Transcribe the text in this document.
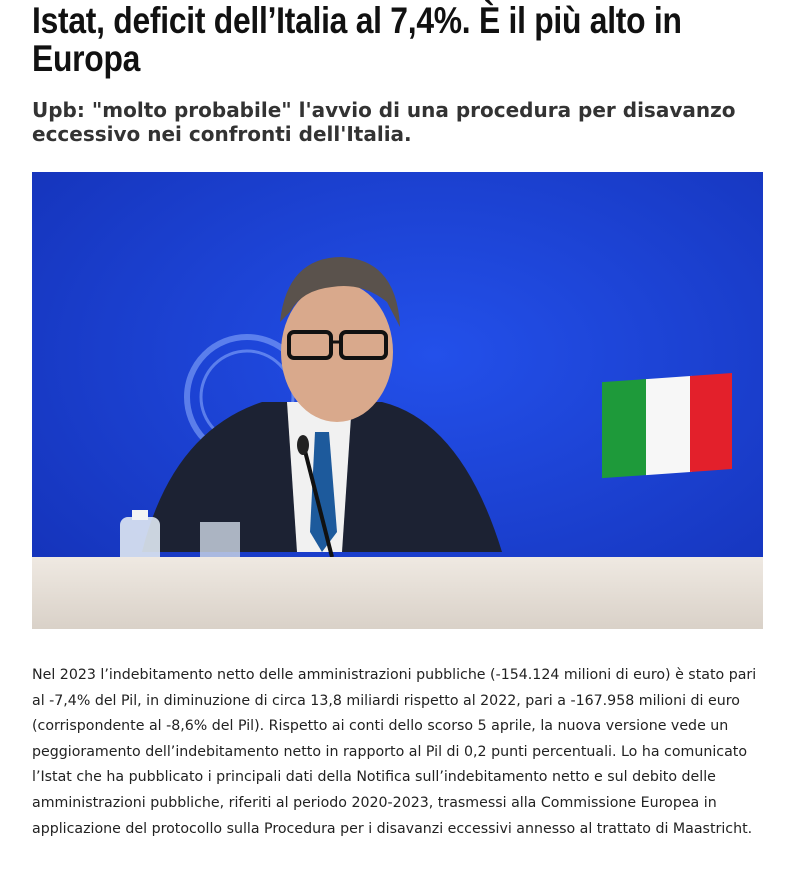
Istat, deficit dell’Italia al 7,4%. È il più alto in Europa
Upb: "molto probabile" l'avvio di una procedura per disavanzo eccessivo nei confronti dell'Italia.

Nel 2023 l’indebitamento netto delle amministrazioni pubbliche (-154.124 milioni di euro) è stato pari al -7,4% del Pil, in diminuzione di circa 13,8 miliardi rispetto al 2022, pari a -167.958 milioni di euro (corrispondente al -8,6% del Pil). Rispetto ai conti dello scorso 5 aprile, la nuova versione vede un peggioramento dell’indebitamento netto in rapporto al Pil di 0,2 punti percentuali. Lo ha comunicato l’Istat che ha pubblicato i principali dati della Notifica sull’indebitamento netto e sul debito delle amministrazioni pubbliche, riferiti al periodo 2020-2023, trasmessi alla Commissione Europea in applicazione del protocollo sulla Procedura per i disavanzi eccessivi annesso al trattato di Maastricht.
